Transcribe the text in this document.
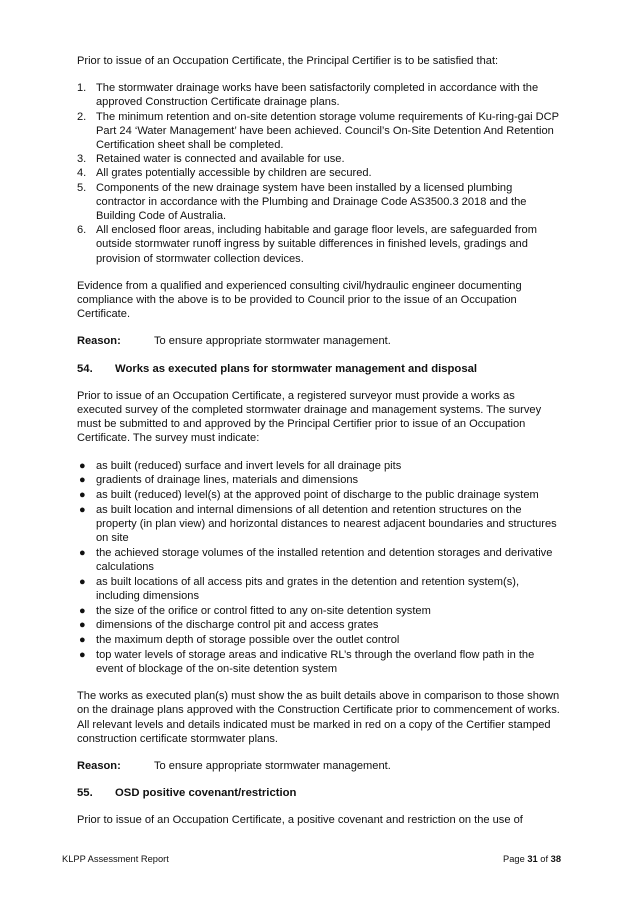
Prior to issue of an Occupation Certificate, the Principal Certifier is to be satisfied that:

1. The stormwater drainage works have been satisfactorily completed in accordance with the approved Construction Certificate drainage plans.
2. The minimum retention and on-site detention storage volume requirements of Ku-ring-gai DCP Part 24 ‘Water Management’ have been achieved. Council’s On-Site Detention And Retention Certification sheet shall be completed.
3. Retained water is connected and available for use.
4. All grates potentially accessible by children are secured.
5. Components of the new drainage system have been installed by a licensed plumbing contractor in accordance with the Plumbing and Drainage Code AS3500.3 2018 and the Building Code of Australia.
6. All enclosed floor areas, including habitable and garage floor levels, are safeguarded from outside stormwater runoff ingress by suitable differences in finished levels, gradings and provision of stormwater collection devices.

Evidence from a qualified and experienced consulting civil/hydraulic engineer documenting compliance with the above is to be provided to Council prior to the issue of an Occupation Certificate.

Reason:	To ensure appropriate stormwater management.
54.	Works as executed plans for stormwater management and disposal

Prior to issue of an Occupation Certificate, a registered surveyor must provide a works as executed survey of the completed stormwater drainage and management systems. The survey must be submitted to and approved by the Principal Certifier prior to issue of an Occupation Certificate. The survey must indicate:

● as built (reduced) surface and invert levels for all drainage pits
● gradients of drainage lines, materials and dimensions
● as built (reduced) level(s) at the approved point of discharge to the public drainage system
● as built location and internal dimensions of all detention and retention structures on the property (in plan view) and horizontal distances to nearest adjacent boundaries and structures on site
● the achieved storage volumes of the installed retention and detention storages and derivative calculations
● as built locations of all access pits and grates in the detention and retention system(s), including dimensions
● the size of the orifice or control fitted to any on-site detention system
● dimensions of the discharge control pit and access grates
● the maximum depth of storage possible over the outlet control
● top water levels of storage areas and indicative RL’s through the overland flow path in the event of blockage of the on-site detention system

The works as executed plan(s) must show the as built details above in comparison to those shown on the drainage plans approved with the Construction Certificate prior to commencement of works. All relevant levels and details indicated must be marked in red on a copy of the Certifier stamped construction certificate stormwater plans.

Reason:	To ensure appropriate stormwater management.
55.	OSD positive covenant/restriction

Prior to issue of an Occupation Certificate, a positive covenant and restriction on the use of

KLPP Assessment Report	Page 31 of 38
